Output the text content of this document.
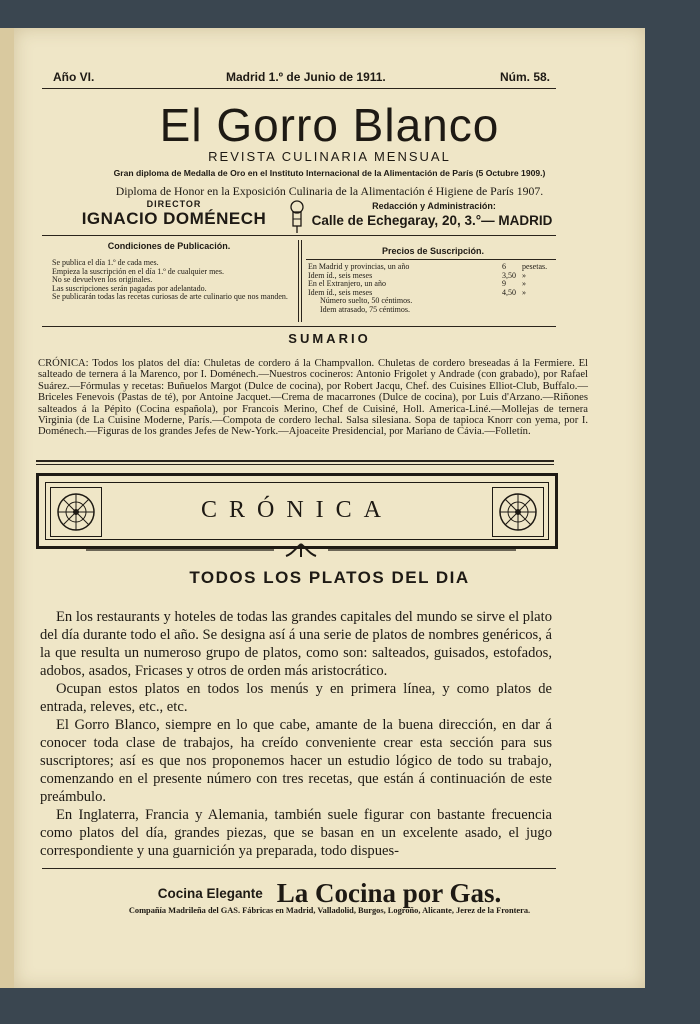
Año VI.	Madrid 1.º de Junio de 1911.	Núm. 58.
El Gorro Blanco
REVISTA CULINARIA MENSUAL
Gran diploma de Medalla de Oro en el Instituto Internacional de la Alimentación de París (5 Octubre 1909.)
Diploma de Honor en la Exposición Culinaria de la Alimentación é Higiene de París 1907.
DIRECTOR
IGNACIO DOMÉNECH
Redacción y Administración:
Calle de Echegaray, 20, 3.°— MADRID
Condiciones de Publicación.
Se publica el día 1.º de cada mes.
Empieza la suscripción en el día 1.º de cualquier mes.
No se devuelven los originales.
Las suscripciones serán pagadas por adelantado.
Se publicarán todas las recetas curiosas de arte culinario que nos manden.
Precios de Suscripción.
En Madrid y provincias, un año	6	pesetas.
Idem íd., seis meses	3,50 »
En el Extranjero, un año	9	»
Idem íd., seis meses	4,50 »
Número suelto, 50 céntimos.
Idem atrasado, 75 céntimos.
SUMARIO
CRÓNICA: Todos los platos del día: Chuletas de cordero á la Champvallon. Chuletas de cordero breseadas á la Fermiere. El salteado de ternera á la Marenco, por I. Doménech.—Nuestros cocineros: Antonio Frigolet y Andrade (con grabado), por Rafael Suárez.—Fórmulas y recetas: Buñuelos Margot (Dulce de cocina), por Robert Jacqu, Chef. des Cuisines Elliot-Club, Buffalo.—Briceles Fenevois (Pastas de té), por Antoine Jacquet.—Crema de macarrones (Dulce de cocina), por Luis d'Arzano.—Riñones salteados á la Pépito (Cocina española), por Francois Merino, Chef de Cuisiné, Holl. America-Liné.—Mollejas de ternera Virginia (de La Cuisine Moderne, París.—Compota de cordero lechal. Salsa silesiana. Sopa de tapioca Knorr con yema, por I. Doménech.—Figuras de los grandes Jefes de New-York.—Ajoaceite Presidencial, por Mariano de Cávia.—Folletín.
CRÓNICA
TODOS LOS PLATOS DEL DIA

En los restaurants y hoteles de todas las grandes capitales del mundo se sirve el plato del día durante todo el año. Se designa así á una serie de platos de nombres genéricos, á la que resulta un numeroso grupo de platos, como son: salteados, guisados, estofados, adobos, asados, Fricases y otros de orden más aristocrático.

Ocupan estos platos en todos los menús y en primera línea, y como platos de entrada, releves, etc., etc.

El Gorro Blanco, siempre en lo que cabe, amante de la buena dirección, en dar á conocer toda clase de trabajos, ha creído conveniente crear esta sección para sus suscriptores; así es que nos proponemos hacer un estudio lógico de todo su trabajo, comenzando en el presente número con tres recetas, que están á continuación de este preámbulo.

En Inglaterra, Francia y Alemania, también suele figurar con bastante frecuencia como platos del día, grandes piezas, que se basan en un excelente asado, el jugo correspondiente y una guarnición ya preparada, todo dispues-

Cocina Elegante La Cocina por Gas.
Compañía Madrileña del GAS. Fábricas en Madrid, Valladolid, Burgos, Logroño, Alicante, Jerez de la Frontera.
